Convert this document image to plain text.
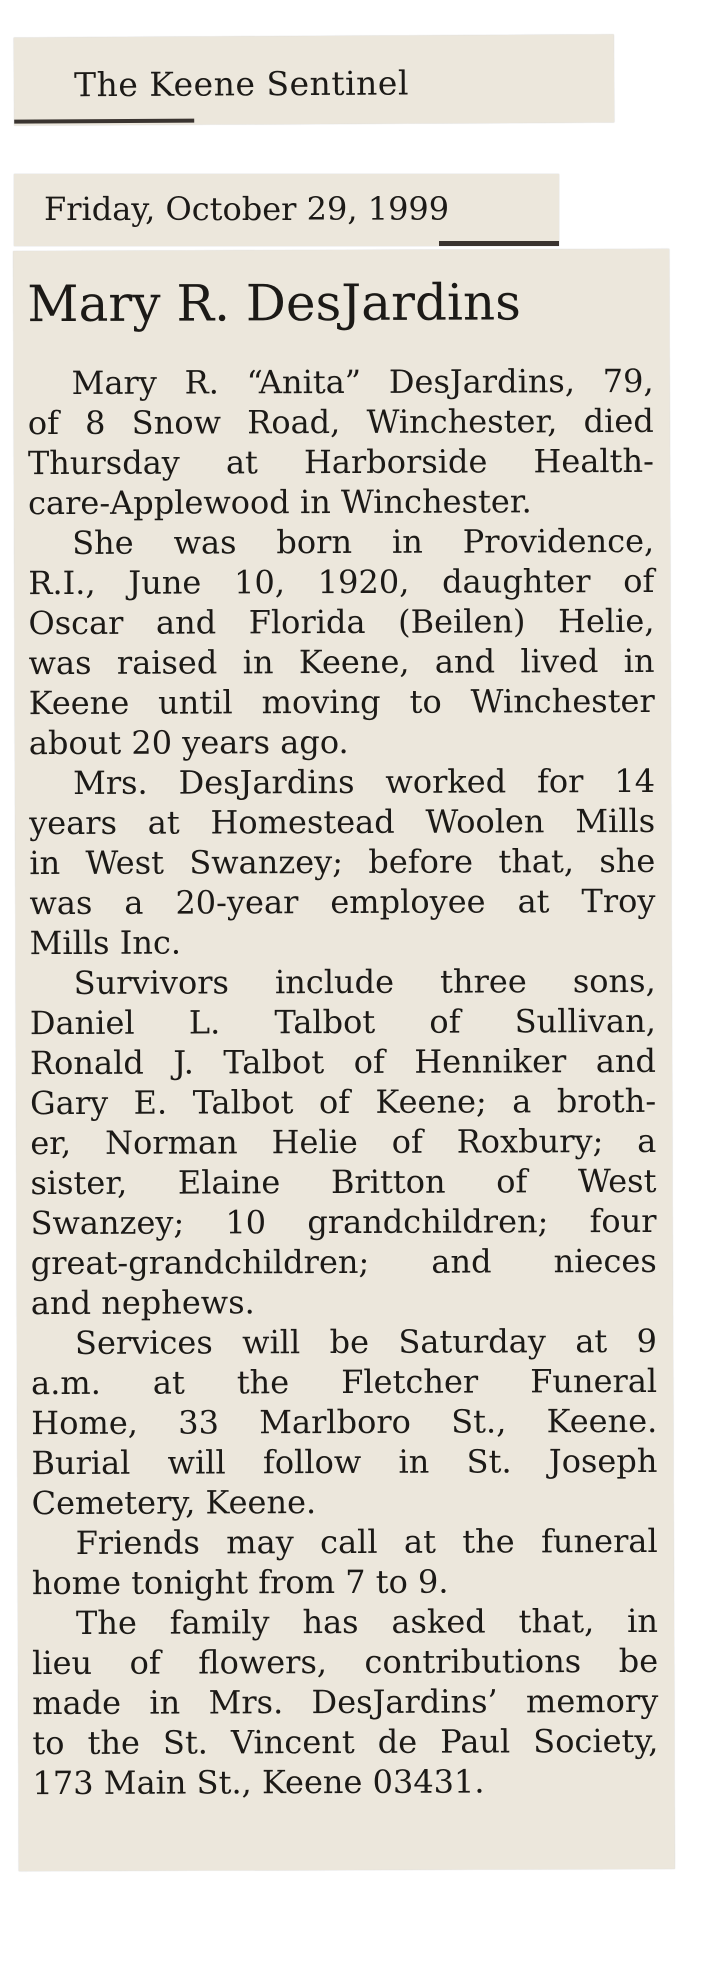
The Keene Sentinel
Friday, October 29, 1999
Mary R. DesJardins

Mary R. “Anita” DesJardins, 79,
of 8 Snow Road, Winchester, died
Thursday at Harborside Health-
care-Applewood in Winchester.

She was born in Providence,
R.I., June 10, 1920, daughter of
Oscar and Florida (Beilen) Helie,
was raised in Keene, and lived in
Keene until moving to Winchester
about 20 years ago.

Mrs. DesJardins worked for 14
years at Homestead Woolen Mills
in West Swanzey; before that, she
was a 20-year employee at Troy
Mills Inc.

Survivors include three sons,
Daniel L. Talbot of Sullivan,
Ronald J. Talbot of Henniker and
Gary E. Talbot of Keene; a broth-
er, Norman Helie of Roxbury; a
sister, Elaine Britton of West
Swanzey; 10 grandchildren; four
great-grandchildren; and nieces
and nephews.

Services will be Saturday at 9
a.m. at the Fletcher Funeral
Home, 33 Marlboro St., Keene.
Burial will follow in St. Joseph
Cemetery, Keene.

Friends may call at the funeral
home tonight from 7 to 9.

The family has asked that, in
lieu of flowers, contributions be
made in Mrs. DesJardins’ memory
to the St. Vincent de Paul Society,
173 Main St., Keene 03431.
